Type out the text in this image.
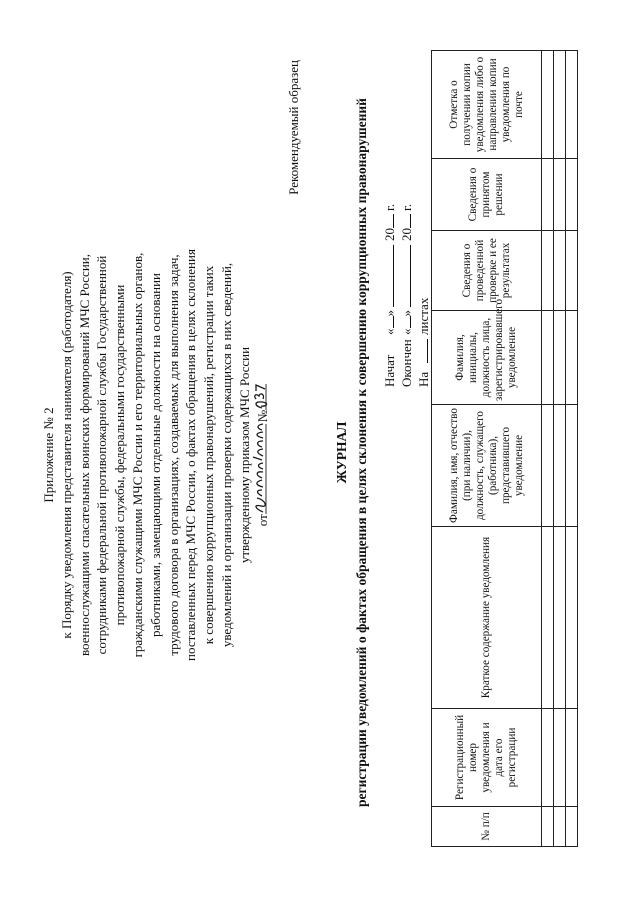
Приложение № 2 к Порядку уведомления представителя нанимателя (работодателя) военнослужащими спасательных воинских формирований МЧС России, сотрудниками федеральной противопожарной службы Государственной противопожарной службы, федеральными государственными гражданскими служащими МЧС России и его территориальных органов, работниками, замещающими отдельные должности на основании трудового договора в организациях, создаваемых для выполнения задач, поставленных перед МЧС России, о фактах обращения в целях склонения к совершению коррупционных правонарушений, регистрации таких уведомлений и организации проверки содержащихся в них сведений, утвержденному приказом МЧС России от
№
Рекомендуемый образец
ЖУРНАЛ регистрации уведомлений о фактах обращения в целях склонения к совершению коррупционных правонарушений Начат
«
»
20
г.
Окончен
«
»
20
г.
На
листах
№ п/п	Регистрационный номер уведомления и дата его регистрации	Краткое содержание уведомления	Фамилия, имя, отчество (при наличии), должность, служащего (работника), представившего уведомление	Фамилия, инициалы, должность лица, зарегистрировавшего уведомление	Сведения о проведенной проверке и ее результатах	Сведения о принятом решении	Отметка о получении копии уведомления либо о направлении копии уведомления по почте
